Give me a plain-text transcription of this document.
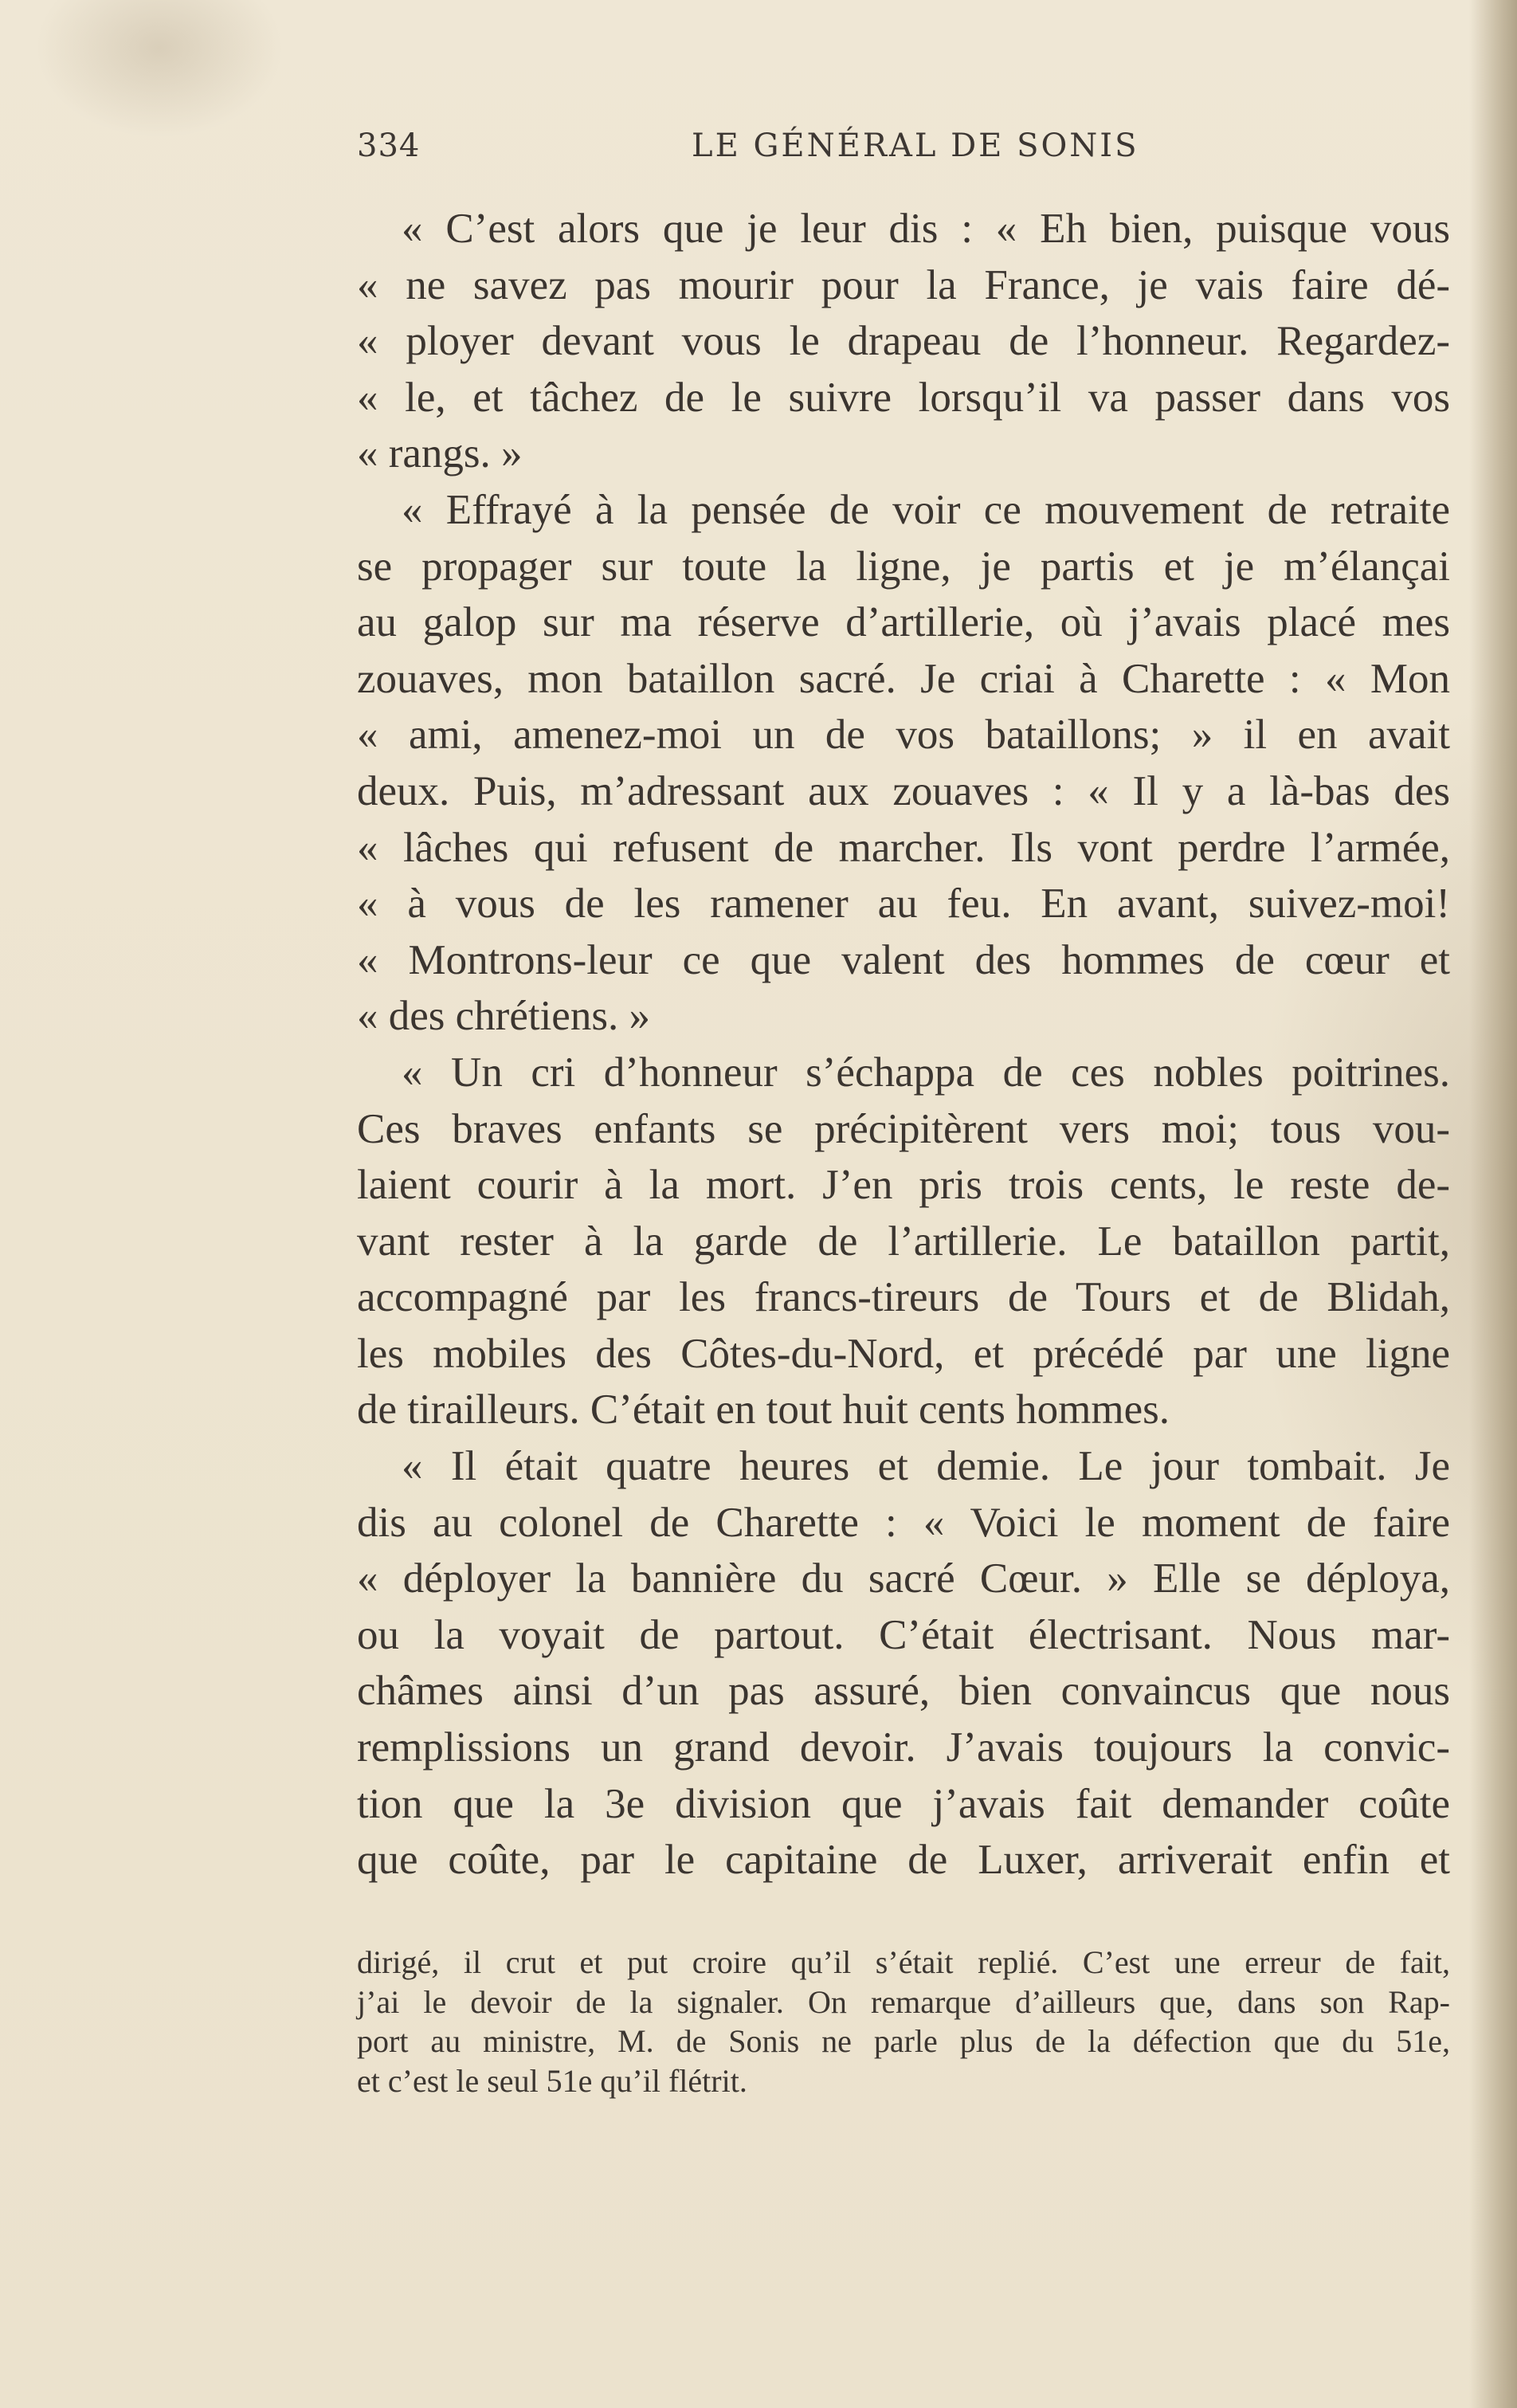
334	LE GÉNÉRAL DE SONIS
« C’est alors que je leur dis : « Eh bien, puisque vous
« ne savez pas mourir pour la France, je vais faire dé-
« ployer devant vous le drapeau de l’honneur. Regardez-
« le, et tâchez de le suivre lorsqu’il va passer dans vos
« rangs. »
« Effrayé à la pensée de voir ce mouvement de retraite
se propager sur toute la ligne, je partis et je m’élançai
au galop sur ma réserve d’artillerie, où j’avais placé mes
zouaves, mon bataillon sacré. Je criai à Charette : « Mon
« ami, amenez-moi un de vos bataillons; » il en avait
deux. Puis, m’adressant aux zouaves : « Il y a là-bas des
« lâches qui refusent de marcher. Ils vont perdre l’armée,
« à vous de les ramener au feu. En avant, suivez-moi!
« Montrons-leur ce que valent des hommes de cœur et
« des chrétiens. »
« Un cri d’honneur s’échappa de ces nobles poitrines.
Ces braves enfants se précipitèrent vers moi; tous vou-
laient courir à la mort. J’en pris trois cents, le reste de-
vant rester à la garde de l’artillerie. Le bataillon partit,
accompagné par les francs-tireurs de Tours et de Blidah,
les mobiles des Côtes-du-Nord, et précédé par une ligne
de tirailleurs. C’était en tout huit cents hommes.
« Il était quatre heures et demie. Le jour tombait. Je
dis au colonel de Charette : « Voici le moment de faire
« déployer la bannière du sacré Cœur. » Elle se déploya,
ou la voyait de partout. C’était électrisant. Nous mar-
châmes ainsi d’un pas assuré, bien convaincus que nous
remplissions un grand devoir. J’avais toujours la convic-
tion que la 3e division que j’avais fait demander coûte
que coûte, par le capitaine de Luxer, arriverait enfin et
dirigé, il crut et put croire qu’il s’était replié. C’est une erreur de fait,
j’ai le devoir de la signaler. On remarque d’ailleurs que, dans son Rap-
port au ministre, M. de Sonis ne parle plus de la défection que du 51e,
et c’est le seul 51e qu’il flétrit.
